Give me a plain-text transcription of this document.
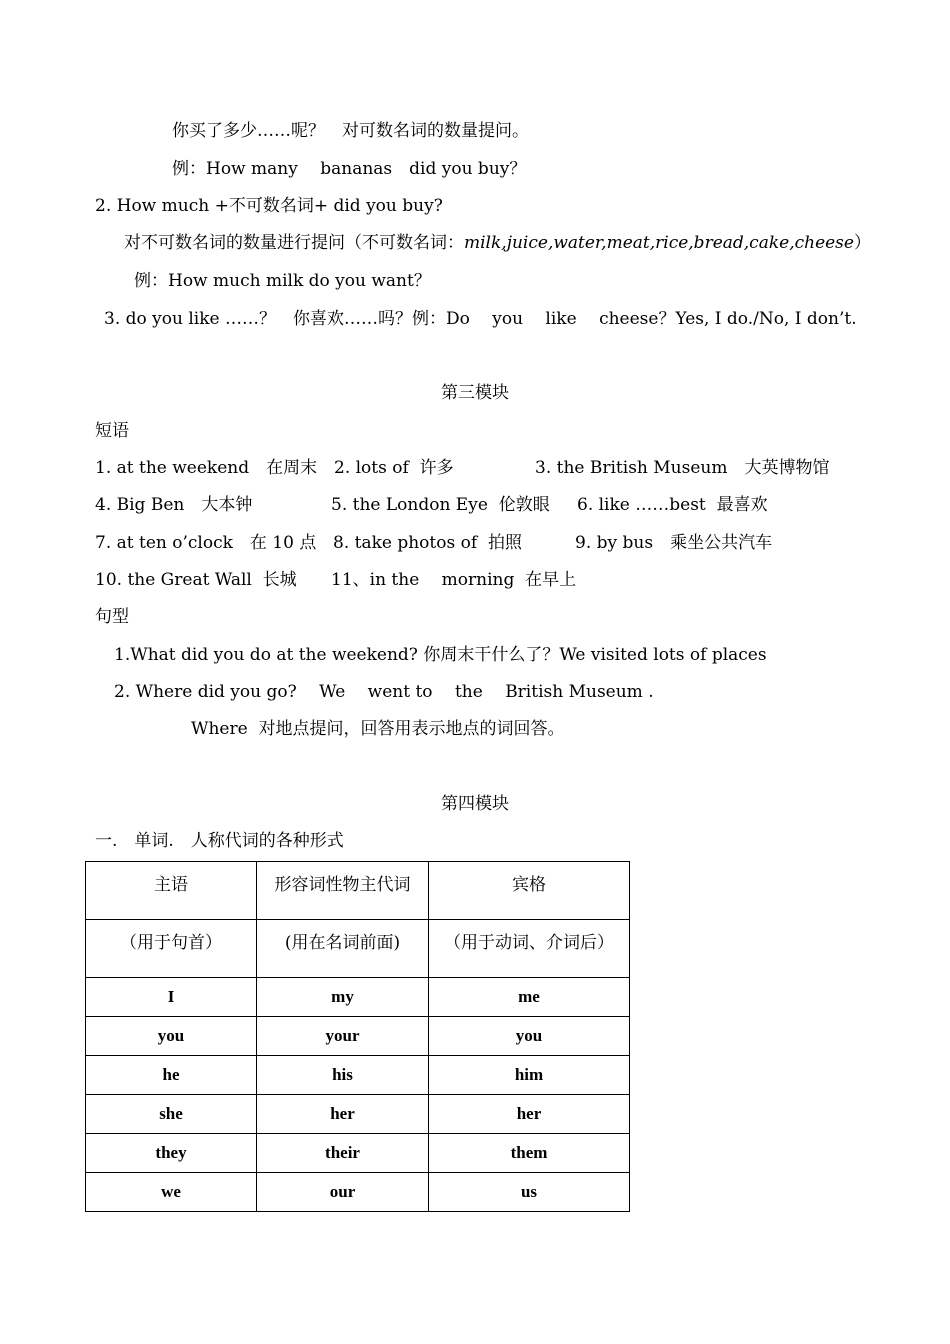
你买了多少……呢？　对可数名词的数量提问。
例：How many　 bananas　did you buy？
2. How much +不可数名词+ did you buy?
对不可数名词的数量进行提问（不可数名词：milk,juice,water,meat,rice,bread,cake,cheese）
例：How much milk do you want？
3. do you like ……？　你喜欢……吗？例：Do　 you　 like　 cheese？Yes, I do./No, I don’t.
第三模块
短语
1. at the weekend　在周末 2. lots of  许多	3. the British Museum　大英博物馆
4. Big Ben　大本钟	5. the London Eye  伦敦眼 6. like ……best  最喜欢
7. at ten o’clock　在 10 点 8. take photos of  拍照	9. by bus　乘坐公共汽车
10. the Great Wall  长城 11、in the　 morning  在早上
句型
1.What did you do at the weekend? 你周末干什么了？We visited lots of places
2. Where did you go?　 We　 went to　 the　 British Museum .
Where  对地点提问，回答用表示地点的词回答。
第四模块
一.　单词.　人称代词的各种形式
主语	形容词性物主代词	宾格
（用于句首）	(用在名词前面)	（用于动词、介词后）
I	my	me
you	your	you
he	his	him
she	her	her
they	their	them
we	our	us
